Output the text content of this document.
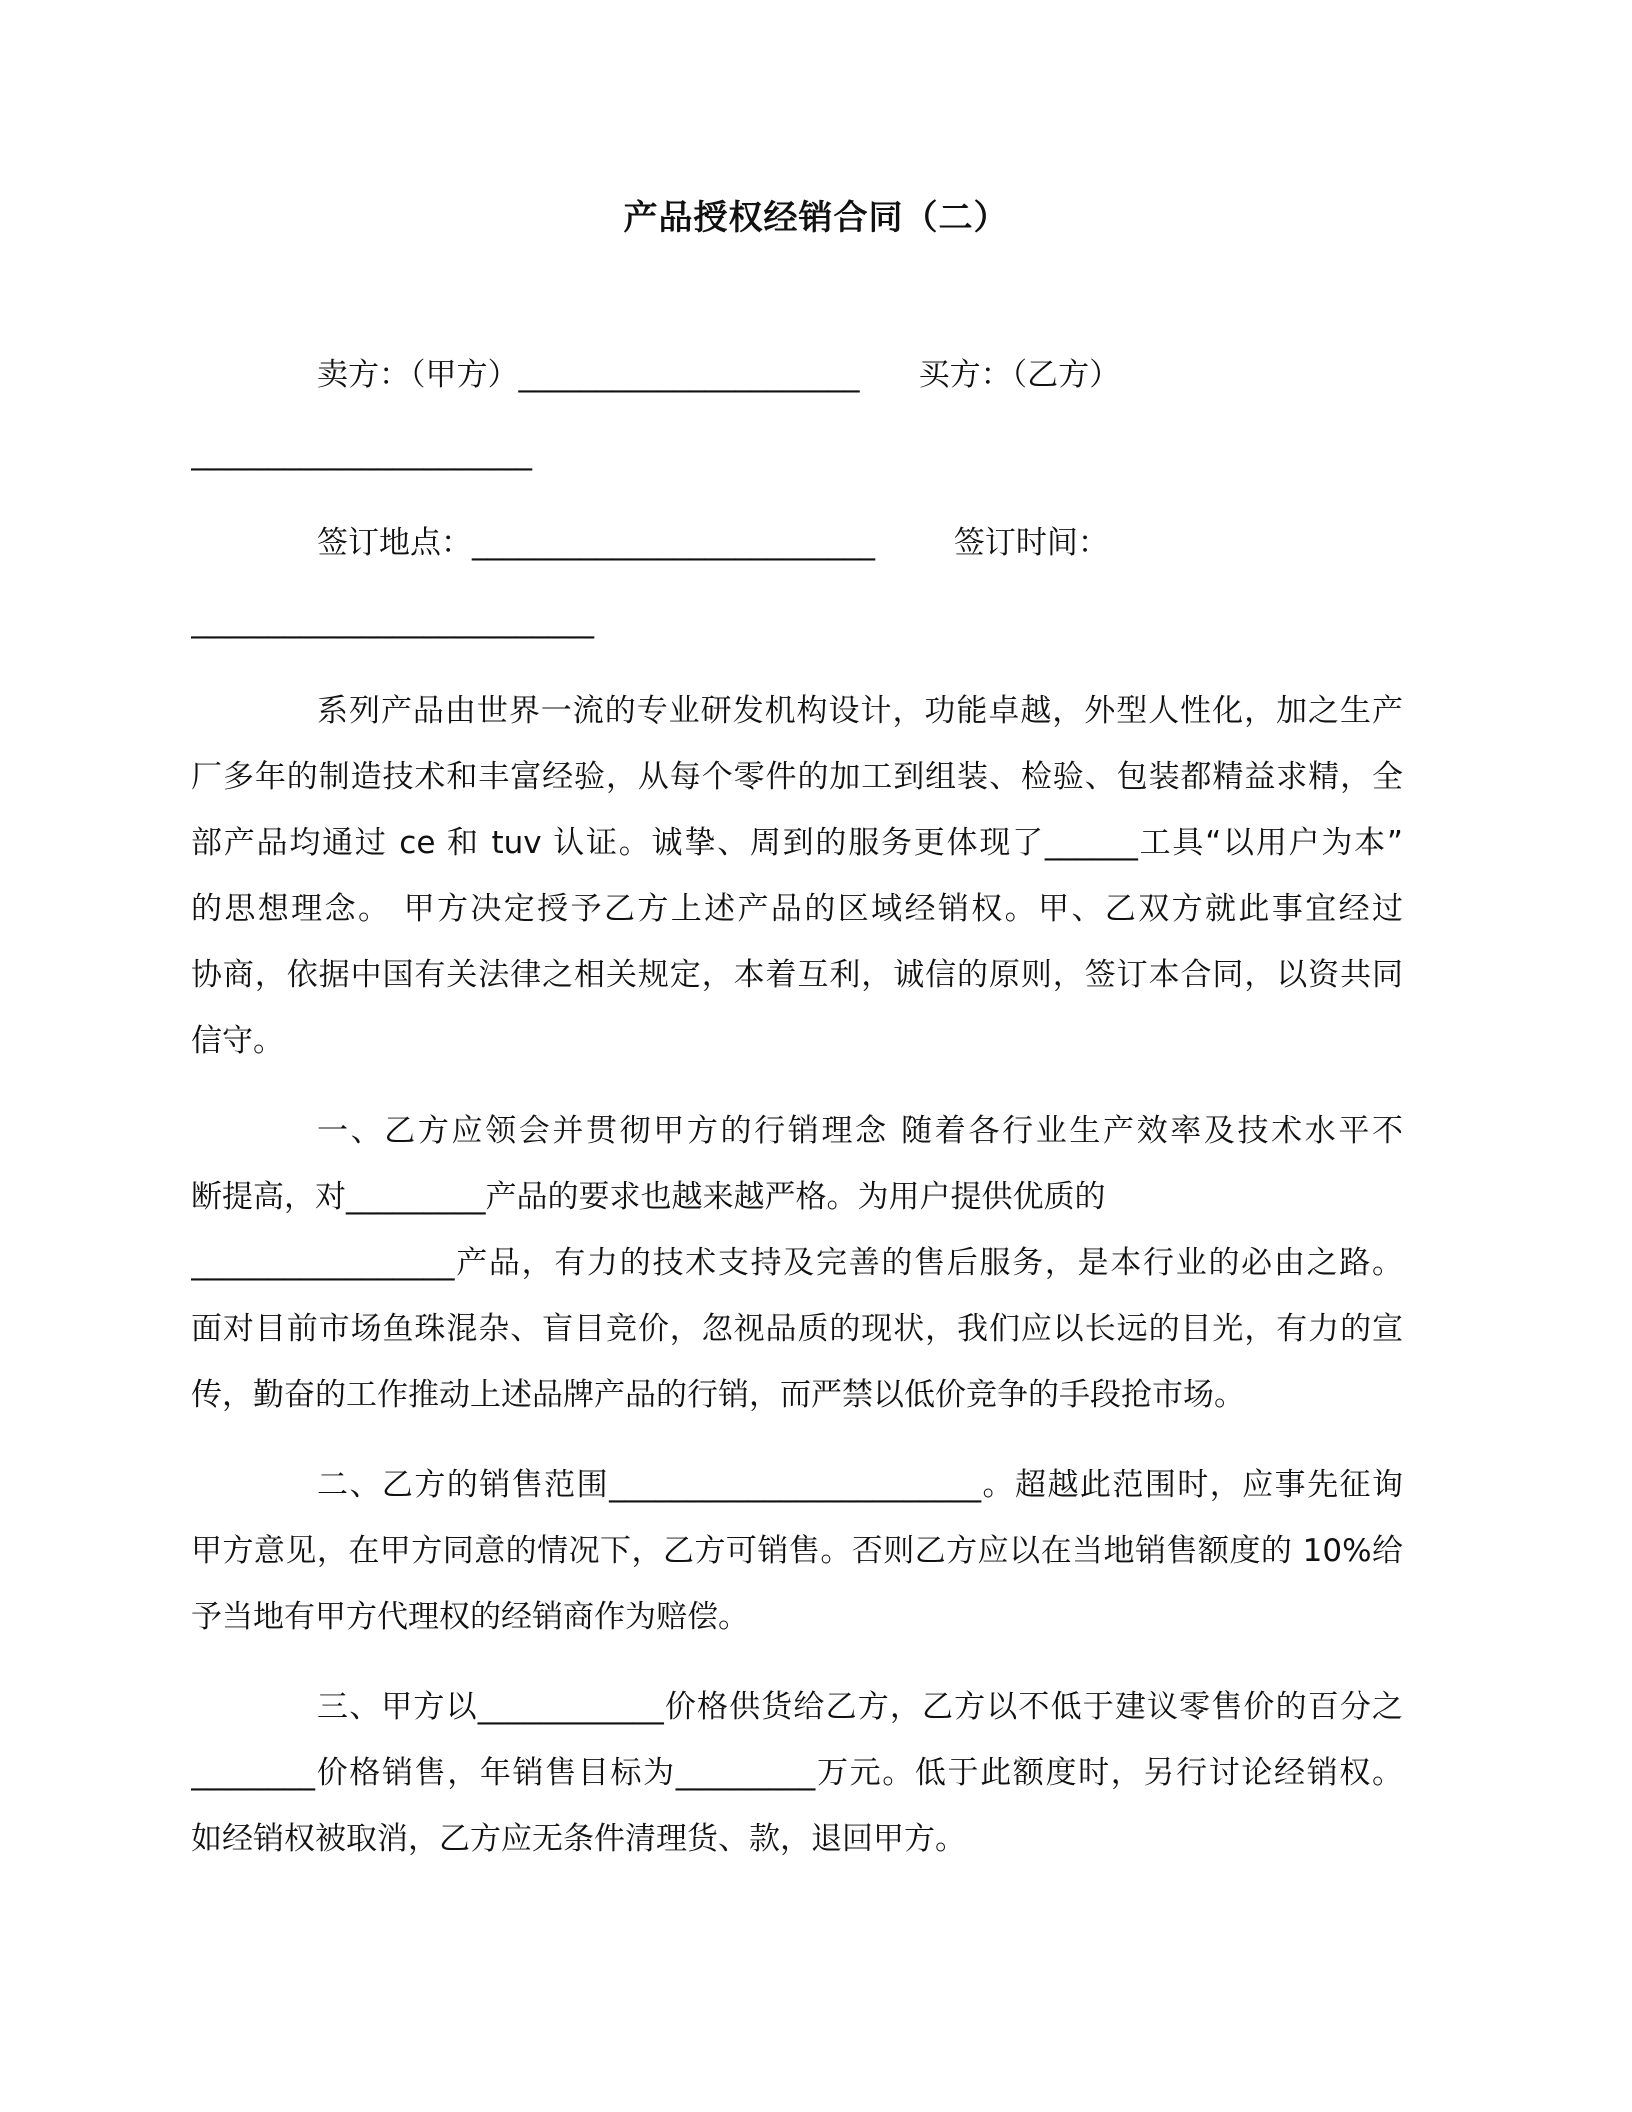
产品授权经销合同（二）
卖方：（甲方）______________________      买方：（乙方）
______________________
签订地点：__________________________        签订时间：
__________________________
系列产品由世界一流的专业研发机构设计，功能卓越，外型人性化，加之生产
厂多年的制造技术和丰富经验，从每个零件的加工到组装、检验、包装都精益求精，全
部产品均通过 ce 和 tuv 认证。诚挚、周到的服务更体现了______工具“以用户为本”
的思想理念。 甲方决定授予乙方上述产品的区域经销权。甲、乙双方就此事宜经过
协商，依据中国有关法律之相关规定，本着互利，诚信的原则，签订本合同，以资共同
信守。
一、乙方应领会并贯彻甲方的行销理念 随着各行业生产效率及技术水平不
断提高，对_________产品的要求也越来越严格。为用户提供优质的
_________________产品，有力的技术支持及完善的售后服务，是本行业的必由之路。
面对目前市场鱼珠混杂、盲目竞价，忽视品质的现状，我们应以长远的目光，有力的宣
传，勤奋的工作推动上述品牌产品的行销，而严禁以低价竞争的手段抢市场。
二、乙方的销售范围________________________。超越此范围时，应事先征询
甲方意见，在甲方同意的情况下，乙方可销售。否则乙方应以在当地销售额度的 10%给
予当地有甲方代理权的经销商作为赔偿。
三、甲方以____________价格供货给乙方，乙方以不低于建议零售价的百分之
________价格销售，年销售目标为_________万元。低于此额度时，另行讨论经销权。
如经销权被取消，乙方应无条件清理货、款，退回甲方。
